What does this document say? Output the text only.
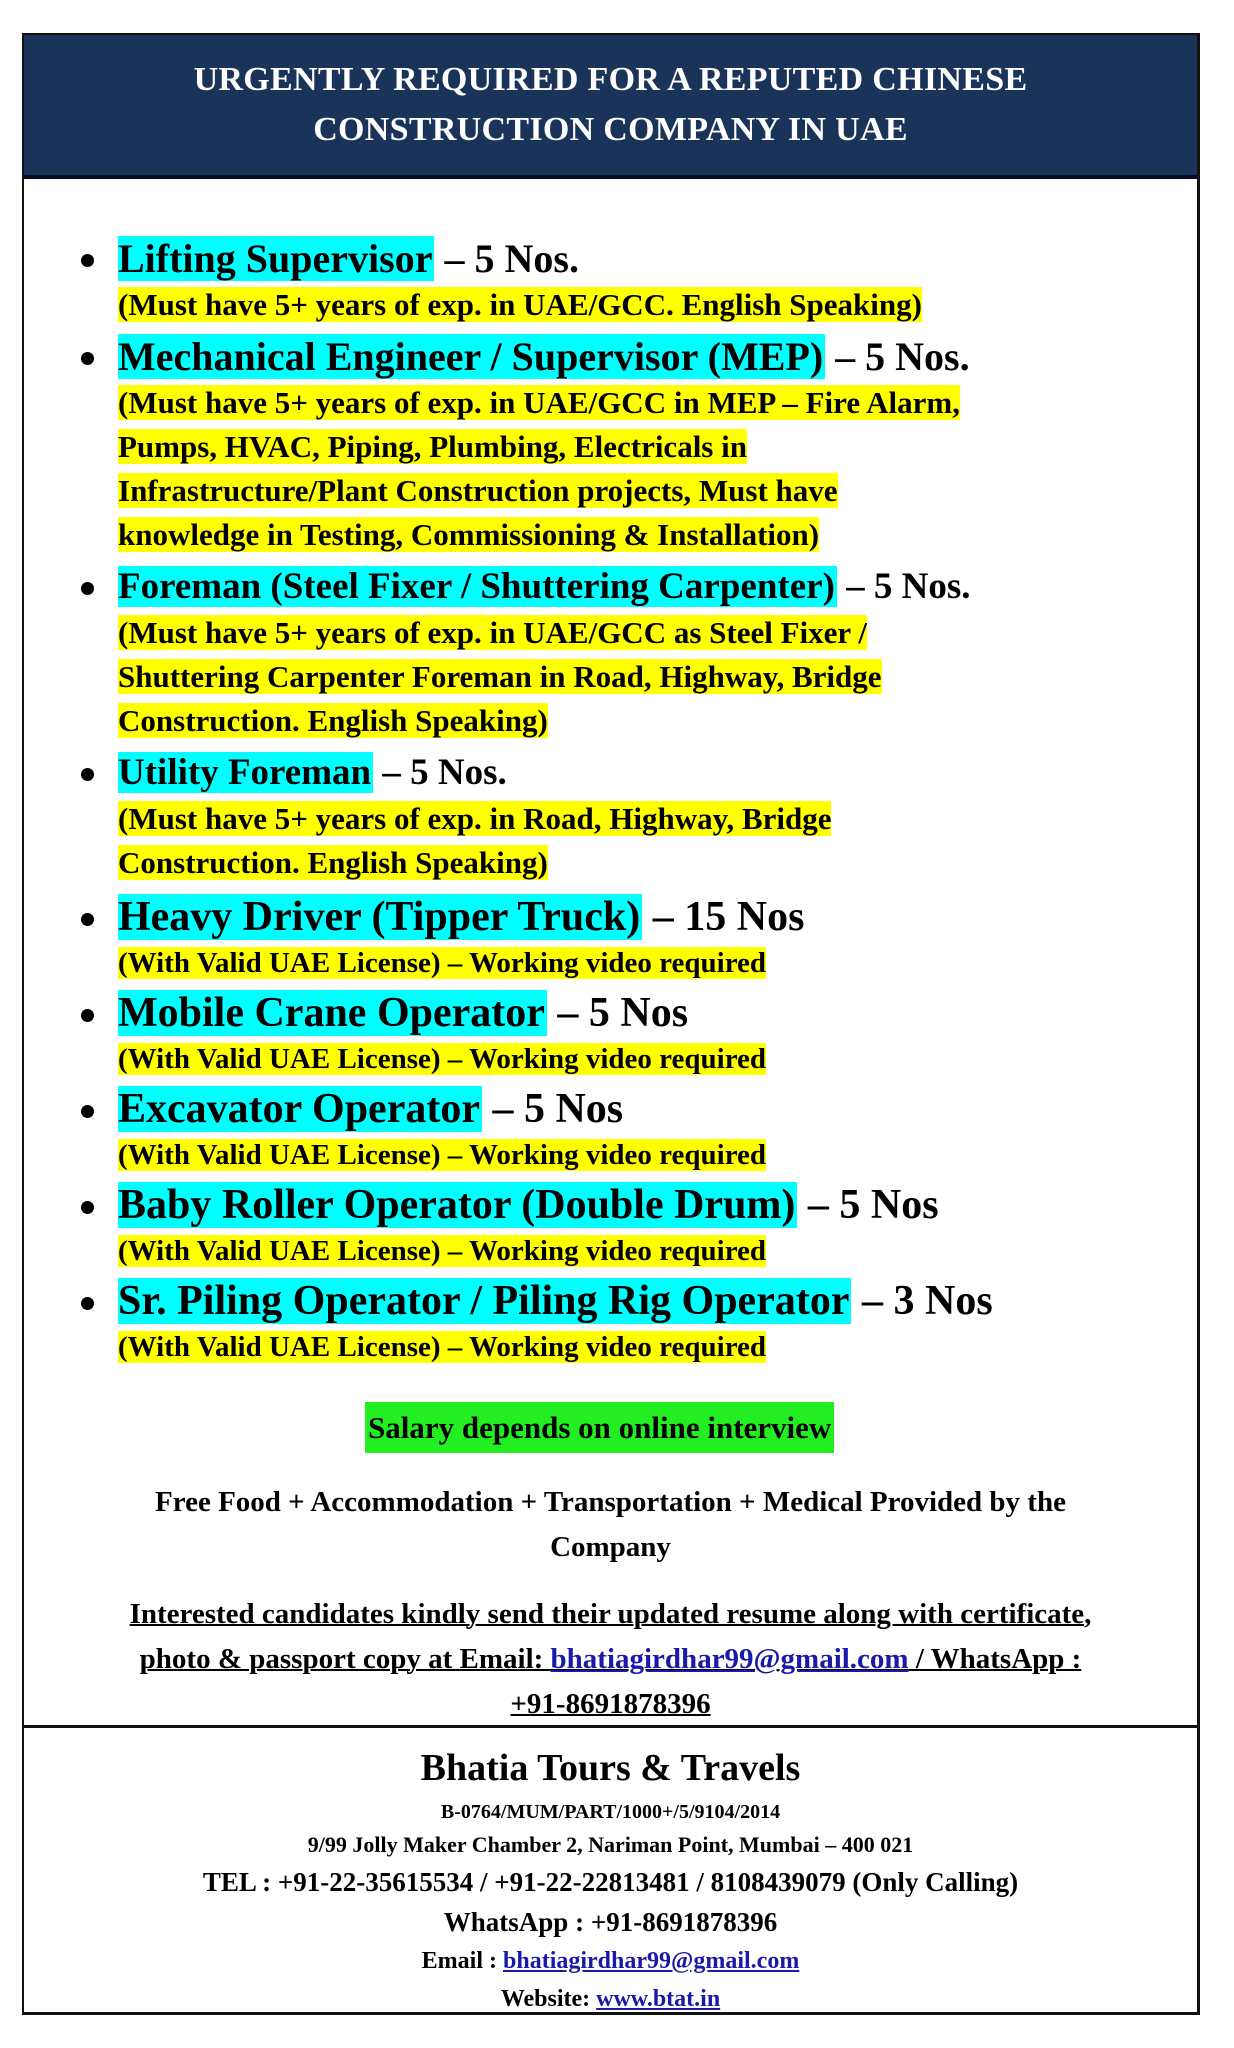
URGENTLY REQUIRED FOR A REPUTED CHINESE
CONSTRUCTION COMPANY IN UAE
Lifting Supervisor – 5 Nos.
(Must have 5+ years of exp. in UAE/GCC. English Speaking)
Mechanical Engineer / Supervisor (MEP) – 5 Nos.
(Must have 5+ years of exp. in UAE/GCC in MEP – Fire Alarm,
Pumps, HVAC, Piping, Plumbing, Electricals in
Infrastructure/Plant Construction projects, Must have
knowledge in Testing, Commissioning & Installation)
Foreman (Steel Fixer / Shuttering Carpenter) – 5 Nos.
(Must have 5+ years of exp. in UAE/GCC as Steel Fixer /
Shuttering Carpenter Foreman in Road, Highway, Bridge
Construction. English Speaking)
Utility Foreman – 5 Nos.
(Must have 5+ years of exp. in Road, Highway, Bridge
Construction. English Speaking)
Heavy Driver (Tipper Truck) – 15 Nos
(With Valid UAE License) – Working video required
Mobile Crane Operator – 5 Nos
(With Valid UAE License) – Working video required
Excavator Operator – 5 Nos
(With Valid UAE License) – Working video required
Baby Roller Operator (Double Drum) – 5 Nos
(With Valid UAE License) – Working video required
Sr. Piling Operator / Piling Rig Operator – 3 Nos
(With Valid UAE License) – Working video required
Salary depends on online interview
Free Food + Accommodation + Transportation + Medical Provided by the
Company
Interested candidates kindly send their updated resume along with certificate,
photo & passport copy at Email: bhatiagirdhar99@gmail.com / WhatsApp :
+91-8691878396
Bhatia Tours & Travels
B-0764/MUM/PART/1000+/5/9104/2014
9/99 Jolly Maker Chamber 2, Nariman Point, Mumbai – 400 021
TEL : +91-22-35615534 / +91-22-22813481 / 8108439079 (Only Calling)
WhatsApp : +91-8691878396
Email : bhatiagirdhar99@gmail.com
Website: www.btat.in
